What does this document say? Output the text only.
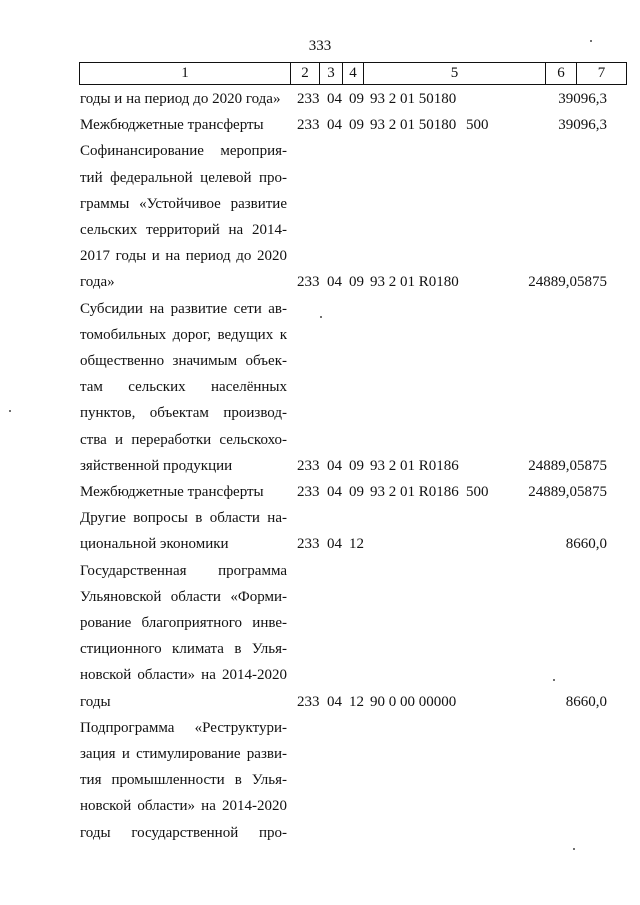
333
1	2	3 4	5	6	7
годы и на период до 2020 года»	233 04 09 93 2 01 50180	39096,3
Межбюджетные трансферты	233 04 09 93 2 01 50180 500	39096,3
Софинансирование мероприя-
тий федеральной целевой про-
граммы «Устойчивое развитие
сельских территорий на 2014-
2017 годы и на период до 2020
года»	233 04 09 93 2 01 R0180	24889,05875
Субсидии на развитие сети ав-
томобильных дорог, ведущих к
общественно значимым объек-
там сельских населённых
пунктов, объектам производ-
ства и переработки сельскохо-
зяйственной продукции	233 04 09 93 2 01 R0186	24889,05875
Межбюджетные трансферты	233 04 09 93 2 01 R0186 500	24889,05875
Другие вопросы в области на-
циональной экономики	233 04 12	8660,0
Государственная программа
Ульяновской области «Форми-
рование благоприятного инве-
стиционного климата в Улья-
новской области» на 2014-2020
годы	233 04 12 90 0 00 00000	8660,0
Подпрограмма «Реструктури-
зация и стимулирование разви-
тия промышленности в Улья-
новской области» на 2014-2020
годы государственной про-
